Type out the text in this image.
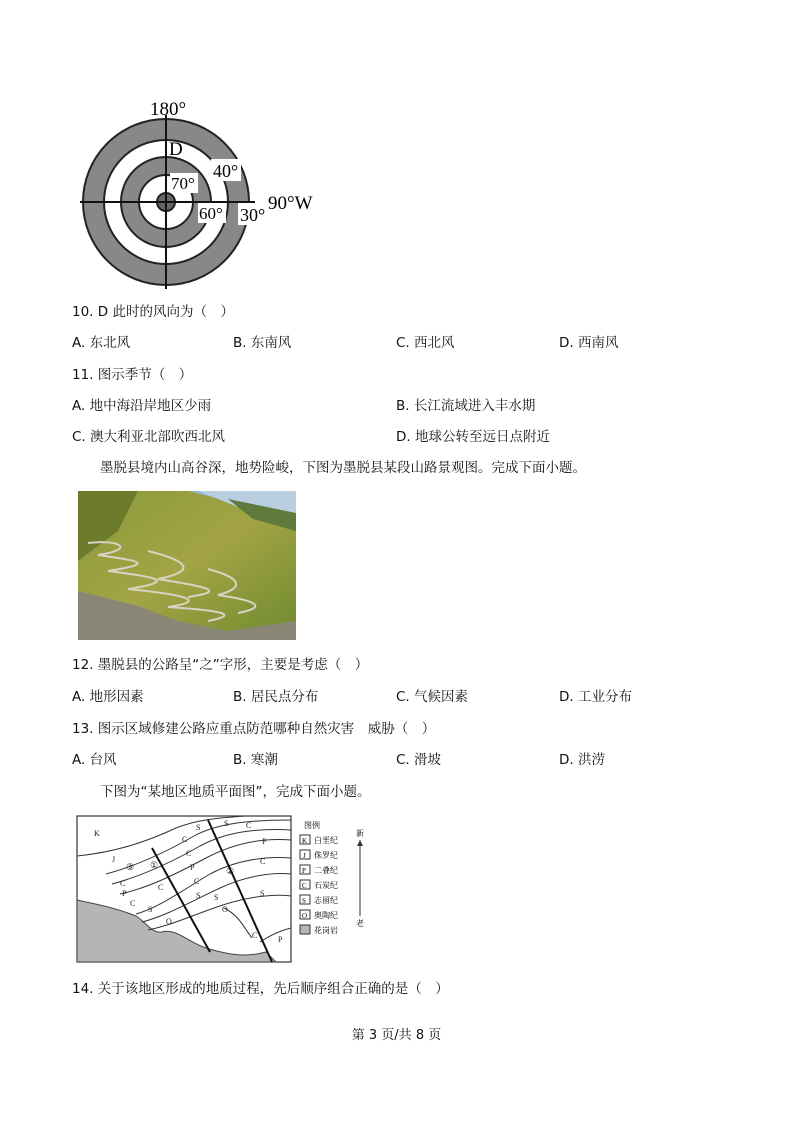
180°
90°W
D
70°
60°
40°
30°
10. D 此时的风向为（　）
A. 东北风	B. 东南风	C. 西北风	D. 西南风
11. 图示季节（　）
A. 地中海沿岸地区少雨	B. 长江流域进入丰水期
C. 澳大利亚北部吹西北风	D. 地球公转至远日点附近
墨脱县境内山高谷深，地势险峻，下图为墨脱县某段山路景观图。完成下面小题。
12. 墨脱县的公路呈“之”字形，主要是考虑（　）
A. 地形因素	B. 居民点分布	C. 气候因素	D. 工业分布
13. 图示区域修建公路应重点防范哪种自然灾害　威胁（　）
A. 台风	B. 寒潮	C. 滑坡	D. 洪涝
下图为“某地区地质平面图”，完成下面小题。
K
J
C
P
C
S
C
O
S
C
C
P
C
S
O
S
S C
P
C
S
C	P
①
②
③
图例
K 白垩纪
J 侏罗纪
P 二叠纪
C 石炭纪
S 志留纪
O 奥陶纪
花岗岩
新
老
14. 关于该地区形成的地质过程，先后顺序组合正确的是（　）
第 3 页/共 8 页
